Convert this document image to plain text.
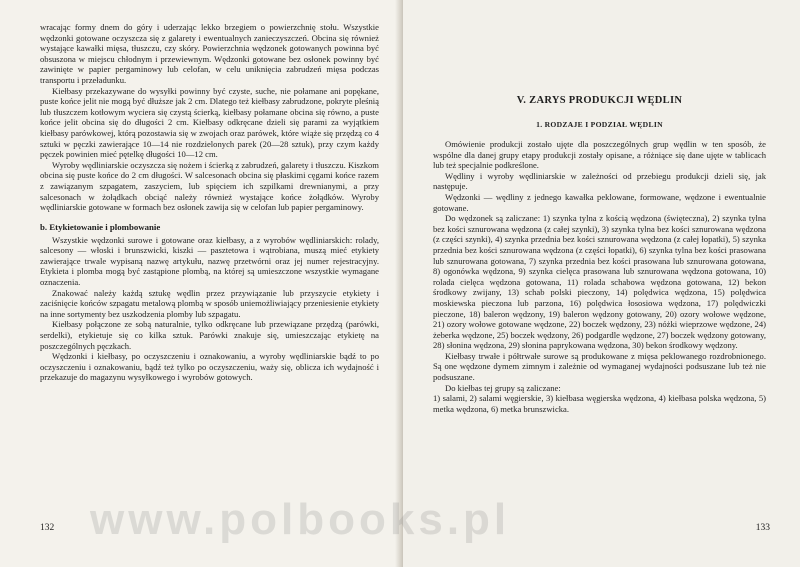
wracając formy dnem do góry i uderzając lekko brzegiem o powierzchnię stołu. Wszystkie wędzonki gotowane oczyszcza się z galarety i ewentualnych zanieczyszczeń. Obcina się również wystające kawałki mięsa, tłuszczu, czy skóry. Powierzchnia wędzonek gotowanych powinna być obsuszona w miejscu chłodnym i przewiewnym. Wędzonki gotowane bez osłonek powinny być zawinięte w papier pergaminowy lub celofan, w celu uniknięcia zabrudzeń mięsa podczas transportu i przeładunku.

Kiełbasy przekazywane do wysyłki powinny być czyste, suche, nie połamane ani popękane, puste końce jelit nie mogą być dłuższe jak 2 cm. Dlatego też kiełbasy zabrudzone, pokryte pleśnią lub tłuszczem kotłowym wyciera się czystą ścierką, kiełbasy połamane obcina się równo, a puste końce jelit obcina się do długości 2 cm. Kiełbasy odkręcane dzieli się parami za wyjątkiem kiełbasy parówkowej, którą pozostawia się w zwojach oraz parówek, które wiąże się przędzą co 4 sztuki w pęczki zawierające 10—14 nie rozdzielonych parek (20—28 sztuk), przy czym każdy pęczek powinien mieć pętelkę długości 10—12 cm.

Wyroby wędliniarskie oczyszcza się nożem i ścierką z zabrudzeń, galarety i tłuszczu. Kiszkom obcina się puste końce do 2 cm długości. W salcesonach obcina się płaskimi cęgami końce razem z zawiązanym szpagatem, zaszyciem, lub spięciem ich szpilkami drewnianymi, a przy salcesonach w żołądkach obciąć należy również wystające końce żołądków. Wyroby wędliniarskie gotowane w formach bez osłonek zawija się w celofan lub papier pergaminowy.

b. Etykietowanie i plombowanie

Wszystkie wędzonki surowe i gotowane oraz kiełbasy, a z wyrobów wędliniarskich: rolady, salcesony — włoski i brunszwicki, kiszki — pasztetowa i wątrobiana, muszą mieć etykiety zawierające trwale wypisaną nazwę artykułu, nazwę przetwórni oraz jej numer rejestracyjny. Etykieta i plomba mogą być zastąpione plombą, na której są umieszczone wszystkie wymagane oznaczenia.

Znakować należy każdą sztukę wędlin przez przywiązanie lub przyszycie etykiety i zaciśnięcie końców szpagatu metalową plombą w sposób uniemożliwiający przeniesienie etykiety na inne sortymenty bez uszkodzenia plomby lub szpagatu.

Kiełbasy połączone ze sobą naturalnie, tylko odkręcane lub przewiązane przędzą (parówki, serdelki), etykietuje się co kilka sztuk. Parówki znakuje się, umieszczając etykietę na poszczególnych pęczkach.

Wędzonki i kiełbasy, po oczyszczeniu i oznakowaniu, a wyroby wędliniarskie bądź to po oczyszczeniu i oznakowaniu, bądź też tylko po oczyszczeniu, waży się, oblicza ich wydajność i przekazuje do magazynu wysyłkowego i wyrobów gotowych.

132
V. ZARYS PRODUKCJI WĘDLIN
1. RODZAJE I PODZIAŁ WĘDLIN

Omówienie produkcji zostało ujęte dla poszczególnych grup wędlin w ten sposób, że wspólne dla danej grupy etapy produkcji zostały opisane, a różniące się dane ujęte w tablicach lub też specjalnie podkreślone.

Wędliny i wyroby wędliniarskie w zależności od przebiegu produkcji dzieli się, jak następuje.

Wędzonki — wędliny z jednego kawałka peklowane, formowane, wędzone i ewentualnie gotowane.

Do wędzonek są zaliczane: 1) szynka tylna z kością wędzona (święteczna), 2) szynka tylna bez kości sznurowana wędzona (z całej szynki), 3) szynka tylna bez kości sznurowana wędzona (z części szynki), 4) szynka przednia bez kości sznurowana wędzona (z całej łopatki), 5) szynka przednia bez kości sznurowana wędzona (z części łopatki), 6) szynka tylna bez kości prasowana lub sznurowana gotowana, 7) szynka przednia bez kości prasowana lub sznurowana gotowana, 8) ogonówka wędzona, 9) szynka cielęca prasowana lub sznurowana wędzona gotowana, 10) rolada cielęca wędzona gotowana, 11) rolada schabowa wędzona gotowana, 12) bekon środkowy zwijany, 13) schab polski pieczony, 14) polędwica wędzona, 15) polędwica moskiewska pieczona lub parzona, 16) polędwica łososiowa wędzona, 17) polędwiczki pieczone, 18) baleron wędzony, 19) baleron wędzony gotowany, 20) ozory wołowe wędzone, 21) ozory wołowe gotowane wędzone, 22) boczek wędzony, 23) nóżki wieprzowe wędzone, 24) żeberka wędzone, 25) boczek wędzony, 26) podgardle wędzone, 27) boczek wędzony gotowany, 28) słonina wędzona, 29) słonina paprykowana wędzona, 30) bekon środkowy wędzony.

Kiełbasy trwałe i półtrwałe surowe są produkowane z mięsa peklowanego rozdrobnionego. Są one wędzone dymem zimnym i zależnie od wymaganej wydajności podsuszane lub też nie podsuszane.

Do kiełbas tej grupy są zaliczane:

1) salami, 2) salami węgierskie, 3) kiełbasa węgierska wędzona, 4) kiełbasa polska wędzona, 5) metka wędzona, 6) metka brunszwicka.

133
www.polbooks.pl
